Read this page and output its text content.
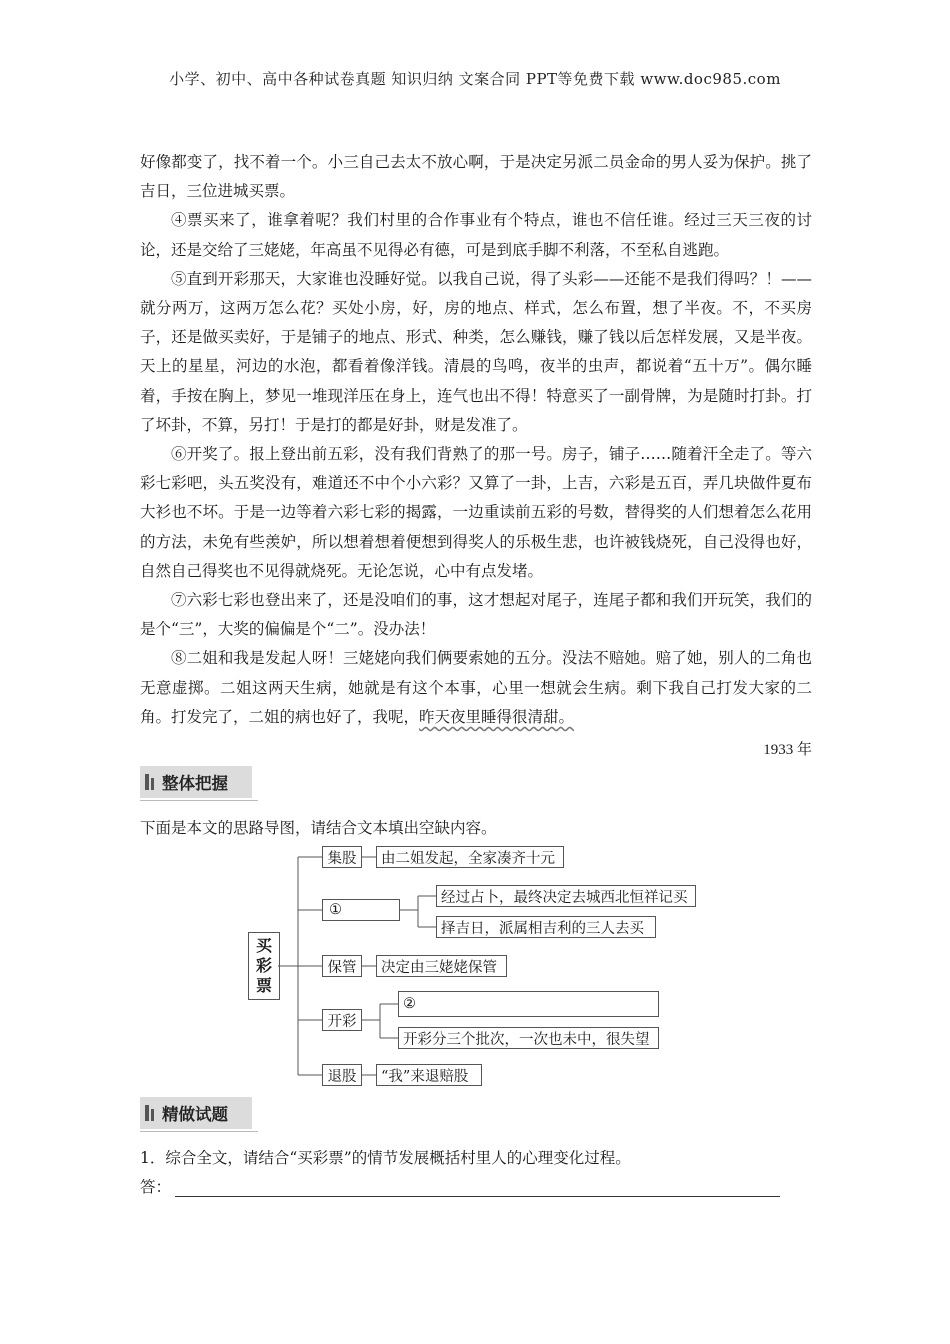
小学、初中、高中各种试卷真题 知识归纳 文案合同 PPT等免费下载 www.doc985.com

好像都变了，找不着一个。小三自己去太不放心啊，于是决定另派二员金命的男人妥为保护。挑了吉日，三位进城买票。

④票买来了，谁拿着呢？我们村里的合作事业有个特点，谁也不信任谁。经过三天三夜的讨论，还是交给了三姥姥，年高虽不见得必有德，可是到底手脚不利落，不至私自逃跑。

⑤直到开彩那天，大家谁也没睡好觉。以我自己说，得了头彩——还能不是我们得吗？！——就分两万，这两万怎么花？买处小房，好，房的地点、样式，怎么布置，想了半夜。不，不买房子，还是做买卖好，于是铺子的地点、形式、种类，怎么赚钱，赚了钱以后怎样发展，又是半夜。天上的星星，河边的水泡，都看着像洋钱。清晨的鸟鸣，夜半的虫声，都说着“五十万”。偶尔睡着，手按在胸上，梦见一堆现洋压在身上，连气也出不得！特意买了一副骨牌，为是随时打卦。打了坏卦，不算，另打！于是打的都是好卦，财是发准了。

⑥开奖了。报上登出前五彩，没有我们背熟了的那一号。房子，铺子……随着汗全走了。等六彩七彩吧，头五奖没有，难道还不中个小六彩？又算了一卦，上吉，六彩是五百，弄几块做件夏布大衫也不坏。于是一边等着六彩七彩的揭露，一边重读前五彩的号数，替得奖的人们想着怎么花用的方法，未免有些羡妒，所以想着想着便想到得奖人的乐极生悲，也许被钱烧死，自己没得也好，自然自己得奖也不见得就烧死。无论怎说，心中有点发堵。

⑦六彩七彩也登出来了，还是没咱们的事，这才想起对尾子，连尾子都和我们开玩笑，我们的是个“三”，大奖的偏偏是个“二”。没办法！

⑧二姐和我是发起人呀！三姥姥向我们俩要索她的五分。没法不赔她。赔了她，别人的二角也无意虚掷。二姐这两天生病，她就是有这个本事，心里一想就会生病。剩下我自己打发大家的二角。打发完了，二姐的病也好了，我呢，昨天夜里睡得很清甜。

1933 年

整体把握
下面是本文的思路导图，请结合文本填出空缺内容。
买
彩
票
集股	由二姐发起，全家凑齐十元
①
经过占卜，最终决定去城西北恒祥记买
择吉日，派属相吉利的三人去买
保管	决定由三姥姥保管
开彩
②
开彩分三个批次，一次也未中，很失望
退股	“我”来退赔股
精做试题
1．综合全文，请结合“买彩票”的情节发展概括村里人的心理变化过程。
答：
